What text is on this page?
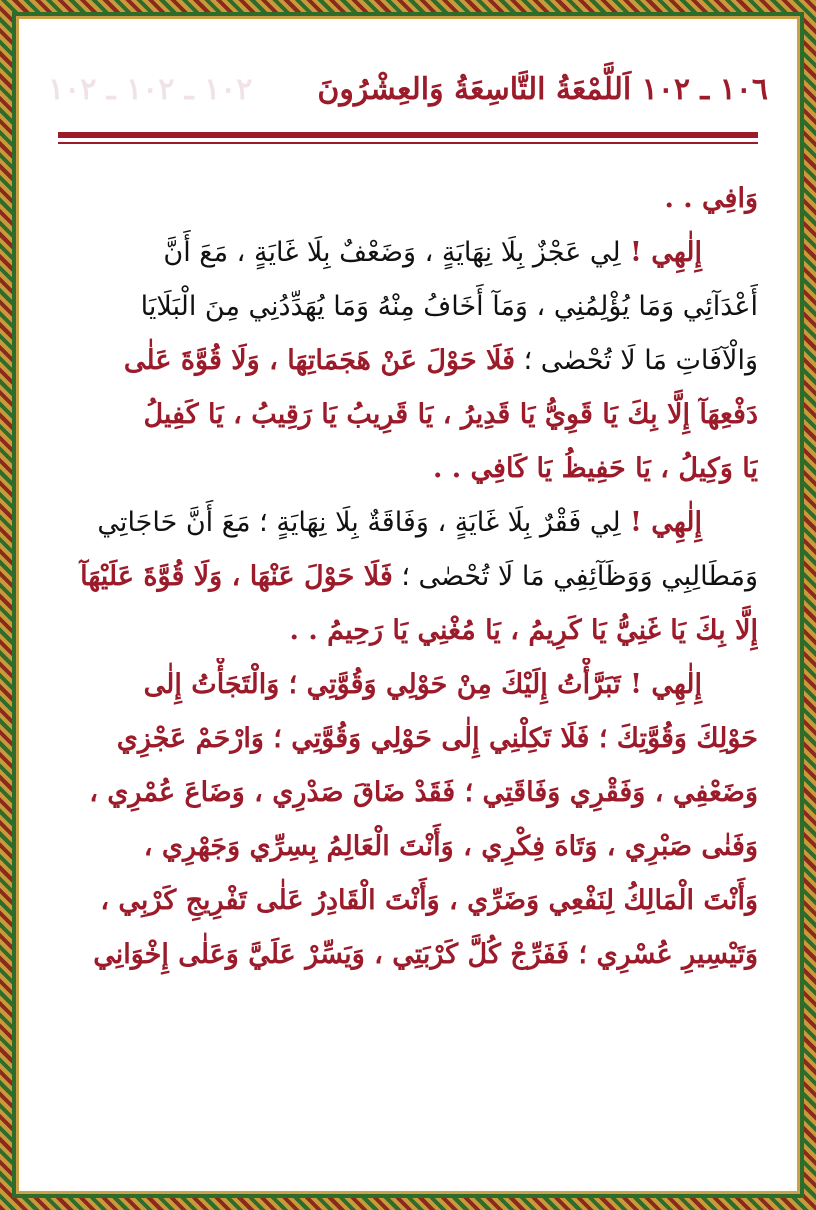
١٠٦ ـ ١٠٢ اَللَّمْعَةُ التَّاسِعَةُ وَالعِشْرُونَ
١٠٢ ـ ١٠٢ ـ ١٠٢
وَافِي . .
إِلٰهِي ! لِي عَجْزٌ بِلَا نِهَايَةٍ ، وَضَعْفٌ بِلَا غَايَةٍ ، مَعَ أَنَّ
أَعْدَآئِي وَمَا يُؤْلِمُنِي ، وَمَآ أَخَافُ مِنْهُ وَمَا يُهَدِّدُنِي مِنَ الْبَلَايَا
وَالْآفَاتِ مَا لَا تُحْصٰى ؛ فَلَا حَوْلَ عَنْ هَجَمَاتِهَا ، وَلَا قُوَّةَ عَلٰى
دَفْعِهَآ إِلَّا بِكَ يَا قَوِيُّ يَا قَدِيرُ ، يَا قَرِيبُ يَا رَقِيبُ ، يَا كَفِيلُ
يَا وَكِيلُ ، يَا حَفِيظُ يَا كَافِي . .
إِلٰهِي ! لِي فَقْرٌ بِلَا غَايَةٍ ، وَفَاقَةٌ بِلَا نِهَايَةٍ ؛ مَعَ أَنَّ حَاجَاتِي
وَمَطَالِبِي وَوَظَآئِفِي مَا لَا تُحْصٰى ؛ فَلَا حَوْلَ عَنْهَا ، وَلَا قُوَّةَ عَلَيْهَآ
إِلَّا بِكَ يَا غَنِيُّ يَا كَرِيمُ ، يَا مُغْنِي يَا رَحِيمُ . .
إِلٰهِي ! تَبَرَّأْتُ إِلَيْكَ مِنْ حَوْلِي وَقُوَّتِي ؛ وَالْتَجَأْتُ إِلٰى
حَوْلِكَ وَقُوَّتِكَ ؛ فَلَا تَكِلْنِي إِلٰى حَوْلِي وَقُوَّتِي ؛ وَارْحَمْ عَجْزِي
وَضَعْفِي ، وَفَقْرِي وَفَاقَتِي ؛ فَقَدْ ضَاقَ صَدْرِي ، وَضَاعَ عُمْرِي ،
وَفَنٰى صَبْرِي ، وَتَاهَ فِكْرِي ، وَأَنْتَ الْعَالِمُ بِسِرِّي وَجَهْرِي ،
وَأَنْتَ الْمَالِكُ لِنَفْعِي وَضَرِّي ، وَأَنْتَ الْقَادِرُ عَلٰى تَفْرِيجِ كَرْبِي ،
وَتَيْسِيرِ عُسْرِي ؛ فَفَرِّجْ كُلَّ كَرْبَتِي ، وَيَسِّرْ عَلَيَّ وَعَلٰى إِخْوَانِي
